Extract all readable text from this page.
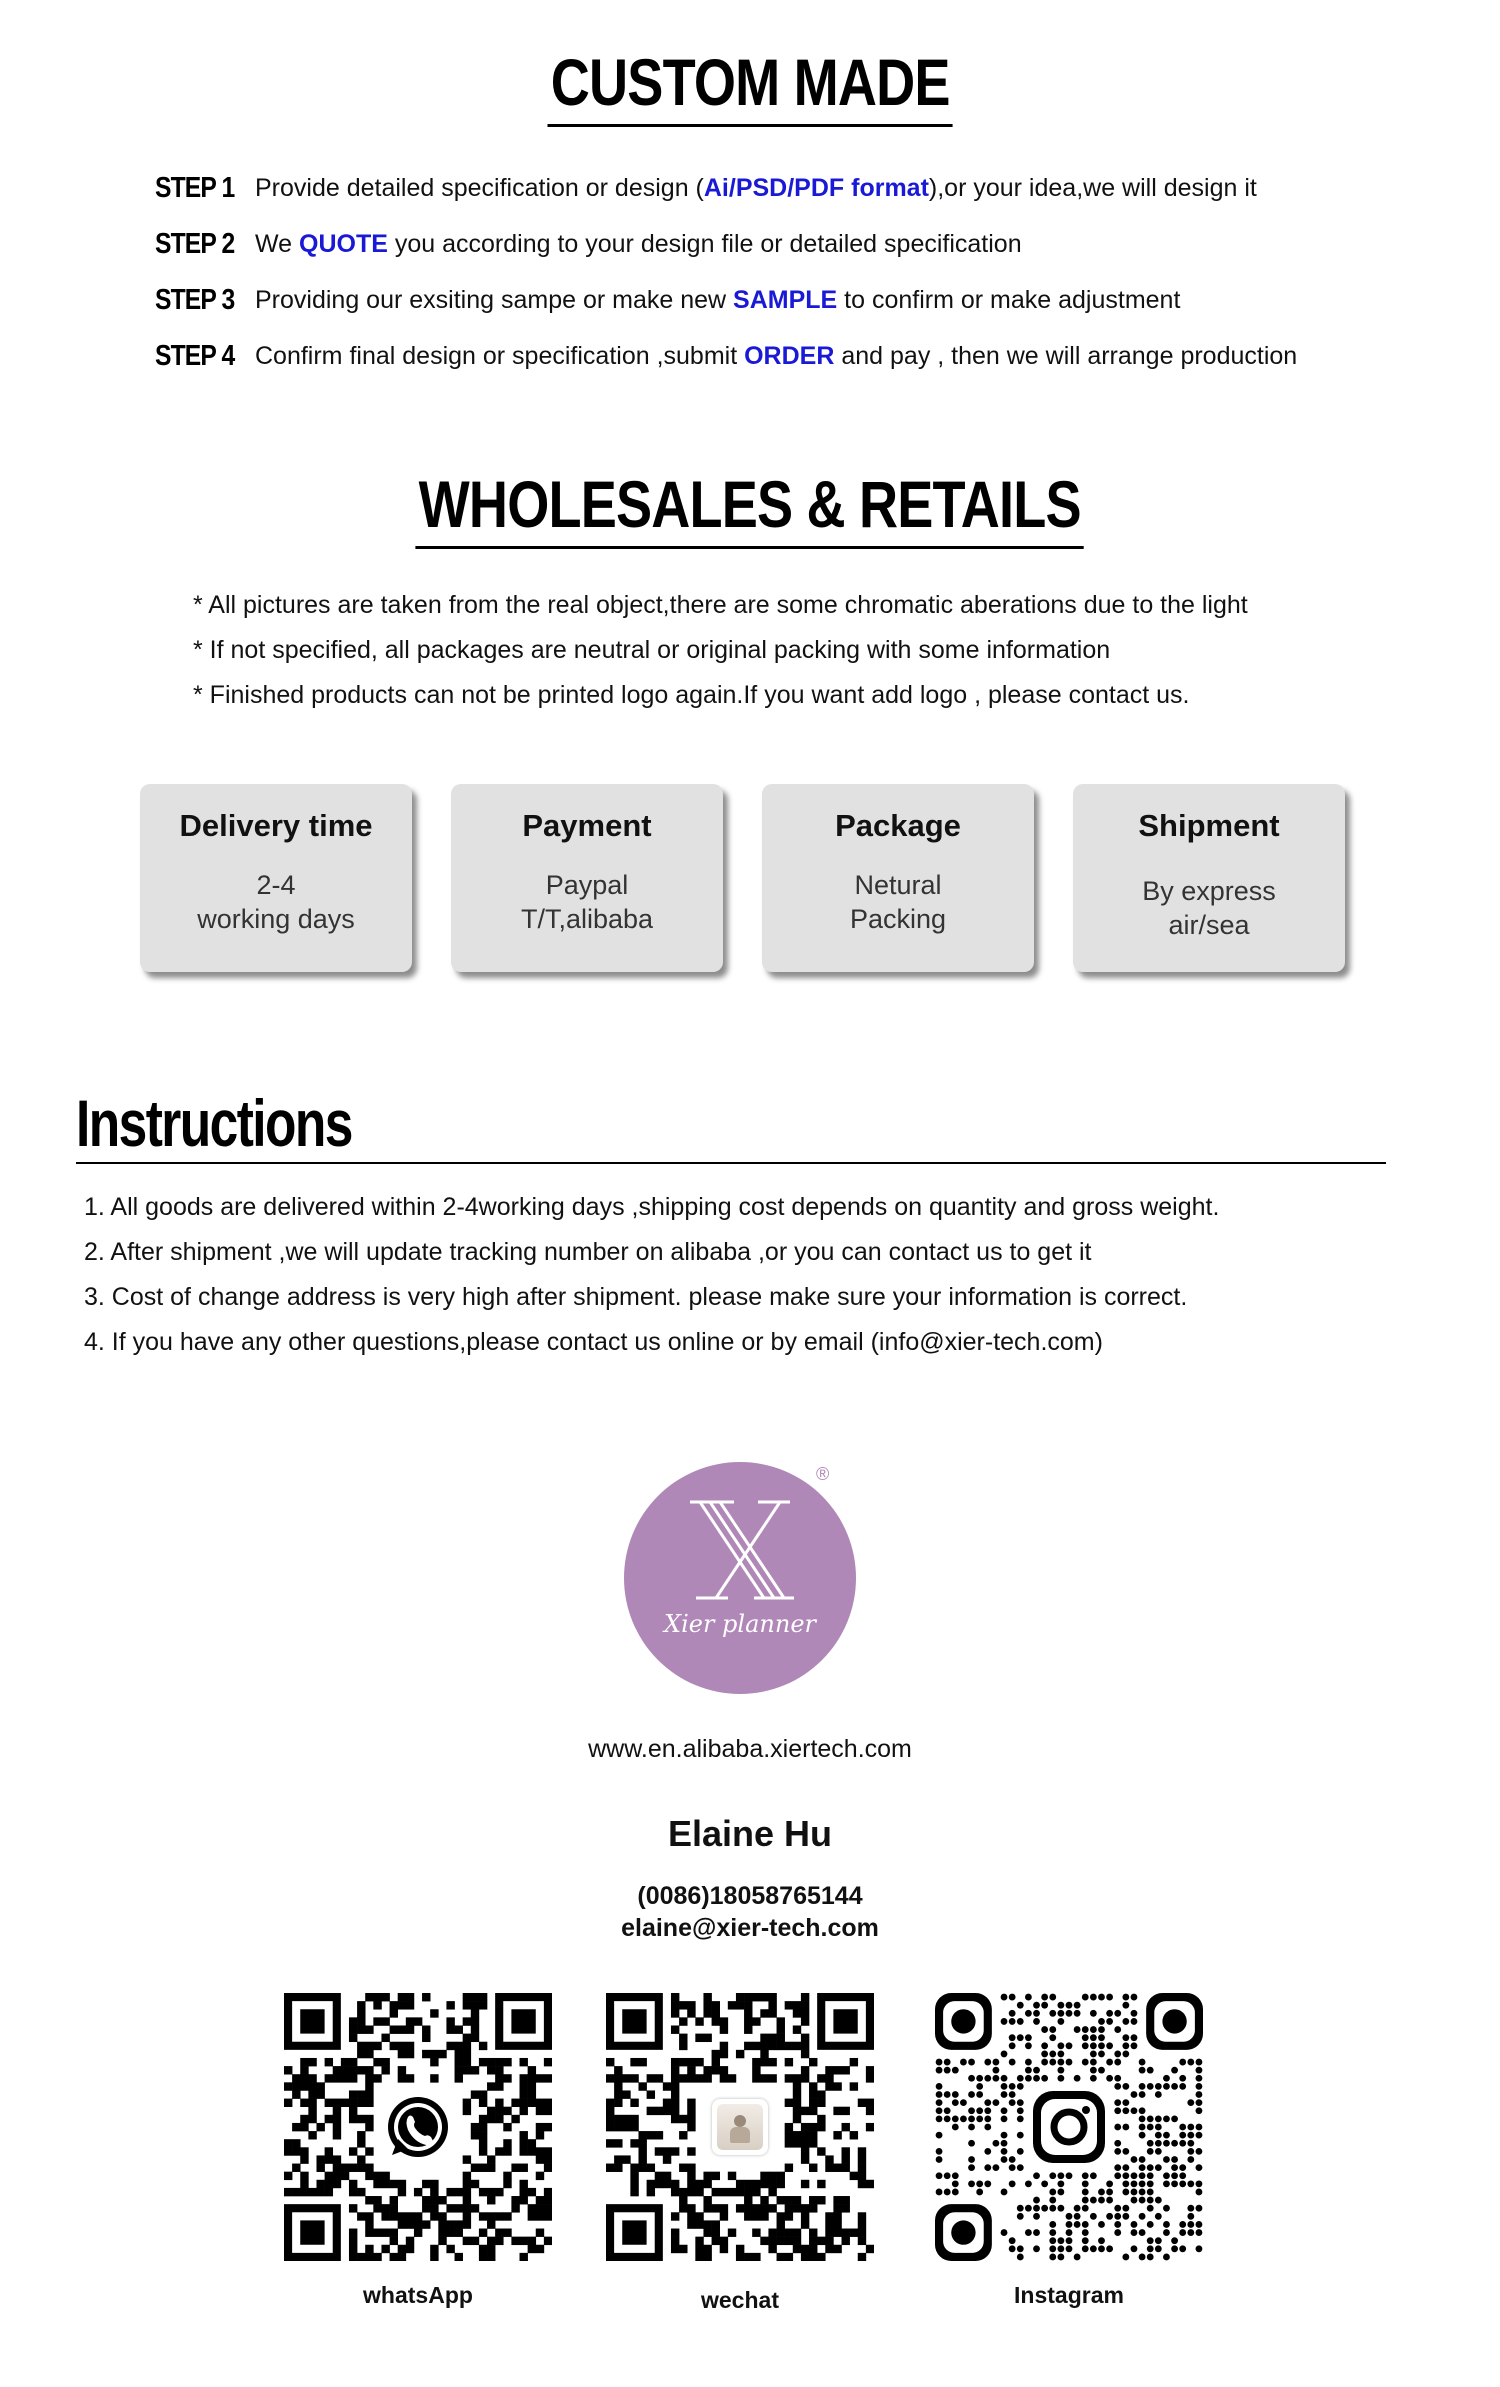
CUSTOM MADE
STEP 1 Provide detailed specification or design (Ai/PSD/PDF format),or your idea,we will design it
STEP 2 We QUOTE you according to your design file or detailed specification
STEP 3 Providing our exsiting sampe or make new SAMPLE to confirm or make adjustment
STEP 4 Confirm final design or specification ,submit ORDER and pay , then we will arrange production
WHOLESALES & RETAILS
* All pictures are taken from the real object,there are some chromatic aberations due to the light
* If not specified, all packages are neutral or original packing with some information
* Finished products can not be printed logo again.If you want add logo , please contact us.
Delivery time
2-4
working days
Payment
Paypal
T/T,alibaba
Package
Netural
Packing
Shipment
By express
air/sea
Instructions
1. All goods are delivered within 2-4working days ,shipping cost depends on quantity and gross weight.
2. After shipment ,we will update tracking number on alibaba ,or you can contact us to get it
3. Cost of change address is very high after shipment. please make sure your information is correct.
4. If you have any other questions,please contact us online or by email (info@xier-tech.com)
Xier planner
®
www.en.alibaba.xiertech.com
Elaine Hu
(0086)18058765144
elaine@xier-tech.com
whatsApp	wechat	Instagram
